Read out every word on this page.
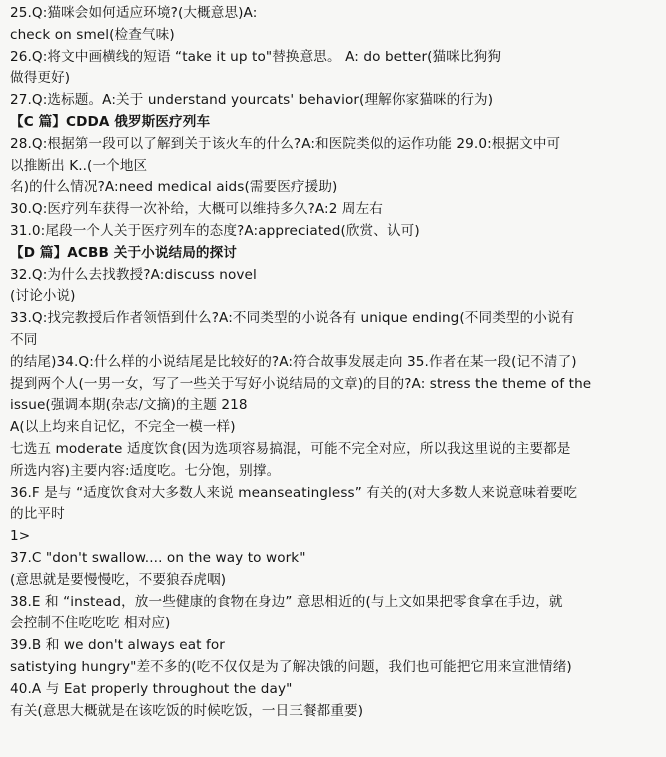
25.Q:猫咪会如何适应环境?(大概意思)A:
check on smel(检查气味)
26.Q:将文中画横线的短语 “take it up to"替换意思。 A: do better(猫咪比狗狗
做得更好)
27.Q:选标题。A:关于 understand yourcats' behavior(理解你家猫咪的行为)
【C 篇】CDDA 俄罗斯医疗列车
28.Q:根据第一段可以了解到关于该火车的什么?A:和医院类似的运作功能 29.0:根据文中可
以推断出 K..(一个地区
名)的什么情况?A:need medical aids(需要医疗援助)
30.Q:医疗列车获得一次补给，大概可以维持多久?A:2 周左右
31.0:尾段一个人关于医疗列车的态度?A:appreciated(欣赏、认可)
【D 篇】ACBB 关于小说结局的探讨
32.Q:为什么去找教授?A:discuss novel
(讨论小说)
33.Q:找完教授后作者领悟到什么?A:不同类型的小说各有 unique ending(不同类型的小说有
不同
的结尾)34.Q:什么样的小说结尾是比较好的?A:符合故事发展走向 35.作者在某一段(记不清了)
提到两个人(一男一女，写了一些关于写好小说结局的文章)的目的?A: stress the theme of the
issue(强调本期(杂志/文摘)的主题 218
A(以上均来自记忆，不完全一模一样)
七选五 moderate 适度饮食(因为选项容易搞混，可能不完全对应，所以我这里说的主要都是
所选内容)主要内容:适度吃。七分饱，别撑。
36.F 是与 “适度饮食对大多数人来说 meanseatingless” 有关的(对大多数人来说意味着要吃
的比平时
1>
37.C "don't swallow.... on the way to work"
(意思就是要慢慢吃，不要狼吞虎咽)
38.E 和 “instead，放一些健康的食物在身边” 意思相近的(与上文如果把零食拿在手边，就
会控制不住吃吃吃 相对应)
39.B 和 we don't always eat for
satistying hungry"差不多的(吃不仅仅是为了解决饿的问题，我们也可能把它用来宣泄情绪)
40.A 与 Eat properly throughout the day"
有关(意思大概就是在该吃饭的时候吃饭，一日三餐都重要)
